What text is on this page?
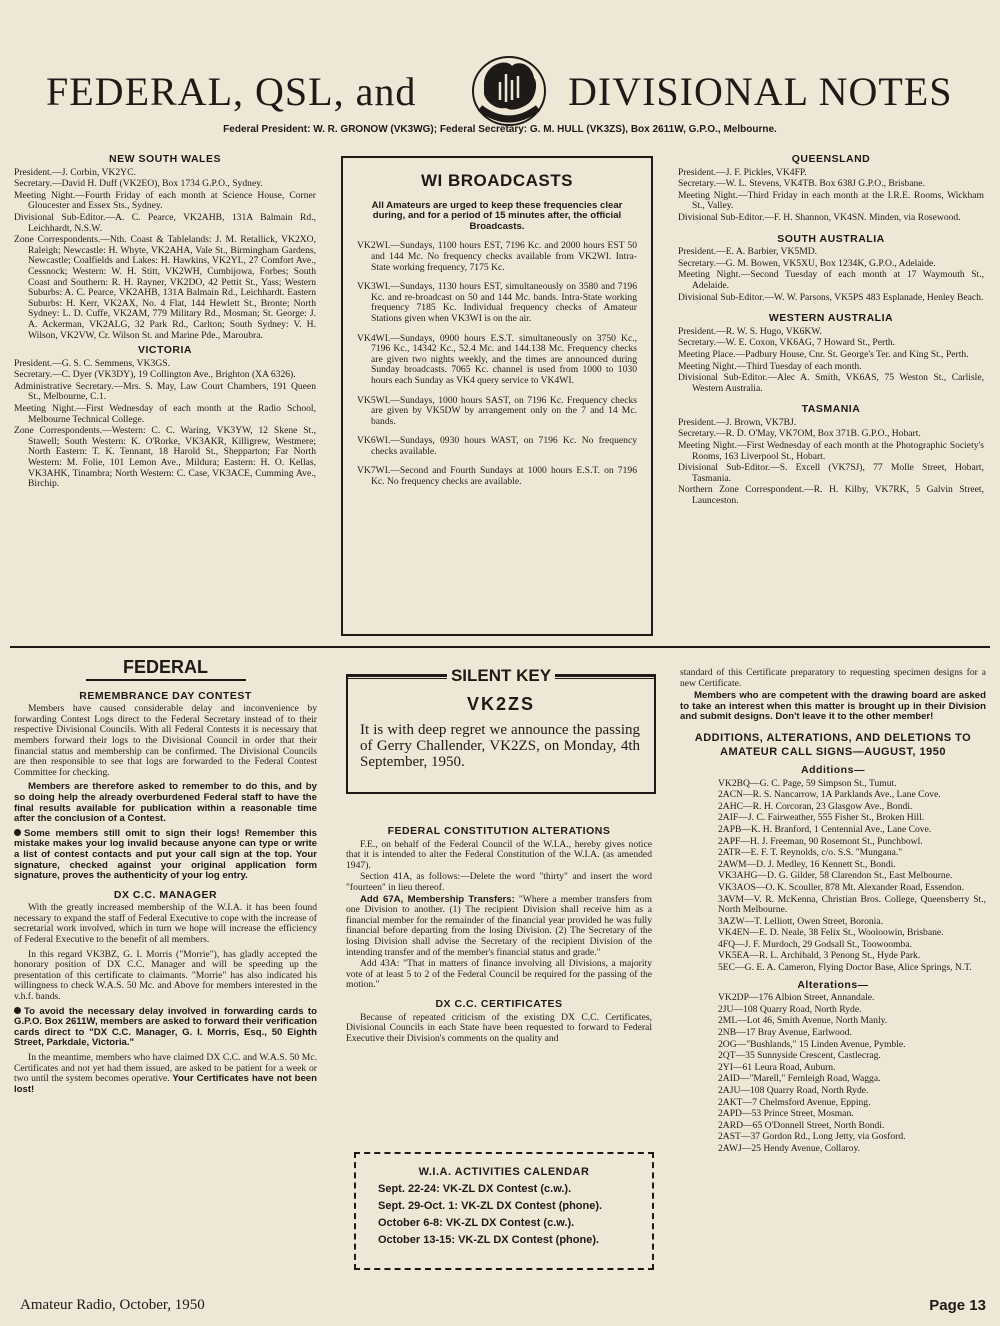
FEDERAL, QSL, and	DIVISIONAL NOTES
Federal President: W. R. GRONOW (VK3WG); Federal Secretary: G. M. HULL (VK3ZS), Box 2611W, G.P.O., Melbourne.
NEW SOUTH WALES

President.—J. Corbin, VK2YC.

Secretary.—David H. Duff (VK2EO), Box 1734 G.P.O., Sydney.

Meeting Night.—Fourth Friday of each month at Science House, Corner Gloucester and Essex Sts., Sydney.

Divisional Sub-Editor.—A. C. Pearce, VK2AHB, 131A Balmain Rd., Leichhardt, N.S.W.

Zone Correspondents.—Nth. Coast & Tablelands: J. M. Retallick, VK2XO, Raleigh; Newcastle: H. Whyte, VK2AHA, Vale St., Birmingham Gardens, Newcastle; Coalfields and Lakes: H. Hawkins, VK2YL, 27 Comfort Ave., Cessnock; Western: W. H. Stitt, VK2WH, Cumbijowa, Forbes; South Coast and Southern: R. H. Rayner, VK2DO, 42 Pettit St., Yass; Western Suburbs: A. C. Pearce, VK2AHB, 131A Balmain Rd., Leichhardt. Eastern Suburbs: H. Kerr, VK2AX, No. 4 Flat, 144 Hewlett St., Bronte; North Sydney: L. D. Cuffe, VK2AM, 779 Military Rd., Mosman; St. George: J. A. Ackerman, VK2ALG, 32 Park Rd., Carlton; South Sydney: V. H. Wilson, VK2VW, Cr. Wilson St. and Marine Pde., Maroubra.

VICTORIA

President.—G. S. C. Semmens, VK3GS.

Secretary.—C. Dyer (VK3DY), 19 Collington Ave., Brighton (XA 6326).

Administrative Secretary.—Mrs. S. May, Law Court Chambers, 191 Queen St., Melbourne, C.1.

Meeting Night.—First Wednesday of each month at the Radio School, Melbourne Technical College.

Zone Correspondents.—Western: C. C. Waring, VK3YW, 12 Skene St., Stawell; South Western: K. O'Rorke, VK3AKR, Killigrew, Westmere; North Eastern: T. K. Tennant, 18 Harold St., Shepparton; Far North Western: M. Folie, 101 Lemon Ave., Mildura; Eastern: H. O. Kellas, VK3AHK, Tinambra; North Western: C. Case, VK3ACE, Cumming Ave., Birchip.

WI BROADCASTS

All Amateurs are urged to keep these frequencies clear during, and for a period of 15 minutes after, the official Broadcasts.

VK2WI.—Sundays, 1100 hours EST, 7196 Kc. and 2000 hours EST 50 and 144 Mc. No frequency checks available from VK2WI. Intra-State working frequency, 7175 Kc.

VK3WI.—Sundays, 1130 hours EST, simultaneously on 3580 and 7196 Kc. and re-broadcast on 50 and 144 Mc. bands. Intra-State working frequency 7185 Kc. Individual frequency checks of Amateur Stations given when VK3WI is on the air.

VK4WI.—Sundays, 0900 hours E.S.T. simultaneously on 3750 Kc., 7196 Kc., 14342 Kc., 52.4 Mc. and 144.138 Mc. Frequency checks are given two nights weekly, and the times are announced during Sunday broadcasts. 7065 Kc. channel is used from 1000 to 1030 hours each Sunday as VK4 query service to VK4WI.

VK5WI.—Sundays, 1000 hours SAST, on 7196 Kc. Frequency checks are given by VK5DW by arrangement only on the 7 and 14 Mc. bands.

VK6WI.—Sundays, 0930 hours WAST, on 7196 Kc. No frequency checks available.

VK7WI.—Second and Fourth Sundays at 1000 hours E.S.T. on 7196 Kc. No frequency checks are available.

QUEENSLAND

President.—J. F. Pickles, VK4FP.

Secretary.—W. L. Stevens, VK4TB. Box 638J G.P.O., Brisbane.

Meeting Night.—Third Friday in each month at the I.R.E. Rooms, Wickham St., Valley.

Divisional Sub-Editor.—F. H. Shannon, VK4SN. Minden, via Rosewood.

SOUTH AUSTRALIA

President.—E. A. Barbier, VK5MD.

Secretary.—G. M. Bowen, VK5XU, Box 1234K, G.P.O., Adelaide.

Meeting Night.—Second Tuesday of each month at 17 Waymouth St., Adelaide.

Divisional Sub-Editor.—W. W. Parsons, VK5PS 483 Esplanade, Henley Beach.

WESTERN AUSTRALIA

President.—R. W. S. Hugo, VK6KW.

Secretary.—W. E. Coxon, VK6AG, 7 Howard St., Perth.

Meeting Place.—Padbury House, Cnr. St. George's Ter. and King St., Perth.

Meeting Night.—Third Tuesday of each month.

Divisional Sub-Editor.—Alec A. Smith, VK6AS, 75 Weston St., Carlisle, Western Australia.

TASMANIA

President.—J. Brown, VK7BJ.

Secretary.—R. D. O'May, VK7OM, Box 371B. G.P.O., Hobart.

Meeting Night.—First Wednesday of each month at the Photographic Society's Rooms, 163 Liverpool St., Hobart.

Divisional Sub-Editor.—S. Excell (VK7SJ), 77 Molle Street, Hobart, Tasmania.

Northern Zone Correspondent.—R. H. Kilby, VK7RK, 5 Galvin Street, Launceston.

FEDERAL
REMEMBRANCE DAY CONTEST

Members have caused considerable delay and inconvenience by forwarding Contest Logs direct to the Federal Secretary instead of to their respective Divisional Councils. With all Federal Contests it is necessary that members forward their logs to the Divisional Council in order that their financial status and membership can be confirmed. The Divisional Councils are then responsible to see that logs are forwarded to the Federal Contest Committee for checking.

Members are therefore asked to remember to do this, and by so doing help the already overburdened Federal staff to have the final results available for publication within a reasonable time after the conclusion of a Contest.

Some members still omit to sign their logs! Remember this mistake makes your log invalid because anyone can type or write a list of contest contacts and put your call sign at the top. Your signature, checked against your original application form signature, proves the authenticity of your log entry.

DX C.C. MANAGER

With the greatly increased membership of the W.I.A. it has been found necessary to expand the staff of Federal Executive to cope with the increase of secretarial work involved, which in turn we hope will increase the efficiency of Federal Executive to the benefit of all members.

In this regard VK3BZ, G. I. Morris ("Morrie"), has gladly accepted the honorary position of DX C.C. Manager and will be speeding up the presentation of this certificate to claimants. "Morrie" has also indicated his willingness to check W.A.S. 50 Mc. and Above for members interested in the v.h.f. bands.

To avoid the necessary delay involved in forwarding cards to G.P.O. Box 2611W, members are asked to forward their verification cards direct to "DX C.C. Manager, G. I. Morris, Esq., 50 Eighth Street, Parkdale, Victoria."

In the meantime, members who have claimed DX C.C. and W.A.S. 50 Mc. Certificates and not yet had them issued, are asked to be patient for a week or two until the system becomes operative. Your Certificates have not been lost!

SILENT KEY
VK2ZS
It is with deep regret we announce the passing of Gerry Challender, VK2ZS, on Monday, 4th September, 1950.
FEDERAL CONSTITUTION ALTERATIONS

F.E., on behalf of the Federal Council of the W.I.A., hereby gives notice that it is intended to alter the Federal Constitution of the W.I.A. (as amended 1947).

Section 41A, as follows:—Delete the word "thirty" and insert the word "fourteen" in lieu thereof.

Add 67A, Membership Transfers: "Where a member transfers from one Division to another. (1) The recipient Division shall receive him as a financial member for the remainder of the financial year provided he was fully financial before departing from the losing Division. (2) The Secretary of the losing Division shall advise the Secretary of the recipient Division of the intending transfer and of the member's financial status and grade."

Add 43A: "That in matters of finance involving all Divisions, a majority vote of at least 5 to 2 of the Federal Council be required for the passing of the motion."

DX C.C. CERTIFICATES

Because of repeated criticism of the existing DX C.C. Certificates, Divisional Councils in each State have been requested to forward to Federal Executive their Division's comments on the quality and

W.I.A. ACTIVITIES CALENDAR
Sept. 22-24: VK-ZL DX Contest (c.w.).
Sept. 29-Oct. 1: VK-ZL DX Contest (phone).
October 6-8: VK-ZL DX Contest (c.w.).
October 13-15: VK-ZL DX Contest (phone).

standard of this Certificate preparatory to requesting specimen designs for a new Certificate.

Members who are competent with the drawing board are asked to take an interest when this matter is brought up in their Division and submit designs. Don't leave it to the other member!

ADDITIONS, ALTERATIONS, AND DELETIONS TO AMATEUR CALL SIGNS—AUGUST, 1950
Additions—

VK2BQ—G. C. Page, 59 Simpson St., Tumut.

2ACN—R. S. Nancarrow, 1A Parklands Ave., Lane Cove.

2AHC—R. H. Corcoran, 23 Glasgow Ave., Bondi.

2AIF—J. C. Fairweather, 555 Fisher St., Broken Hill.

2APB—K. H. Branford, 1 Centennial Ave., Lane Cove.

2APF—H. J. Freeman, 90 Rosemont St., Punchbowl.

2ATR—E. F. T. Reynolds, c/o. S.S. "Mungana."

2AWM—D. J. Medley, 16 Kennett St., Bondi.

VK3AHG—D. G. Gilder, 58 Clarendon St., East Melbourne.

VK3AOS—O. K. Scouller, 878 Mt. Alexander Road, Essendon.

3AVM—V. R. McKenna, Christian Bros. College, Queensberry St., North Melbourne.

3AZW—T. Lelliott, Owen Street, Boronia.

VK4EN—E. D. Neale, 38 Felix St., Wooloowin, Brisbane.

4FQ—J. F. Murdoch, 29 Godsall St., Toowoomba.

VK5EA—R. L. Archibald, 3 Penong St., Hyde Park.

5EC—G. E. A. Cameron, Flying Doctor Base, Alice Springs, N.T.

Alterations—

VK2DP—176 Albion Street, Annandale.

2JU—108 Quarry Road, North Ryde.

2ML—Lot 46, Smith Avenue, North Manly.

2NB—17 Bray Avenue, Earlwood.

2OG—"Bushlands," 15 Linden Avenue, Pymble.

2QT—35 Sunnyside Crescent, Castlecrag.

2YI—61 Leura Road, Auburn.

2AID—"Marell," Fernleigh Road, Wagga.

2AJU—108 Quarry Road, North Ryde.

2AKT—7 Chelmsford Avenue, Epping.

2APD—53 Prince Street, Mosman.

2ARD—65 O'Donnell Street, North Bondi.

2AST—37 Gordon Rd., Long Jetty, via Gosford.

2AWJ—25 Hendy Avenue, Collaroy.

Amateur Radio, October, 1950	Page 13
